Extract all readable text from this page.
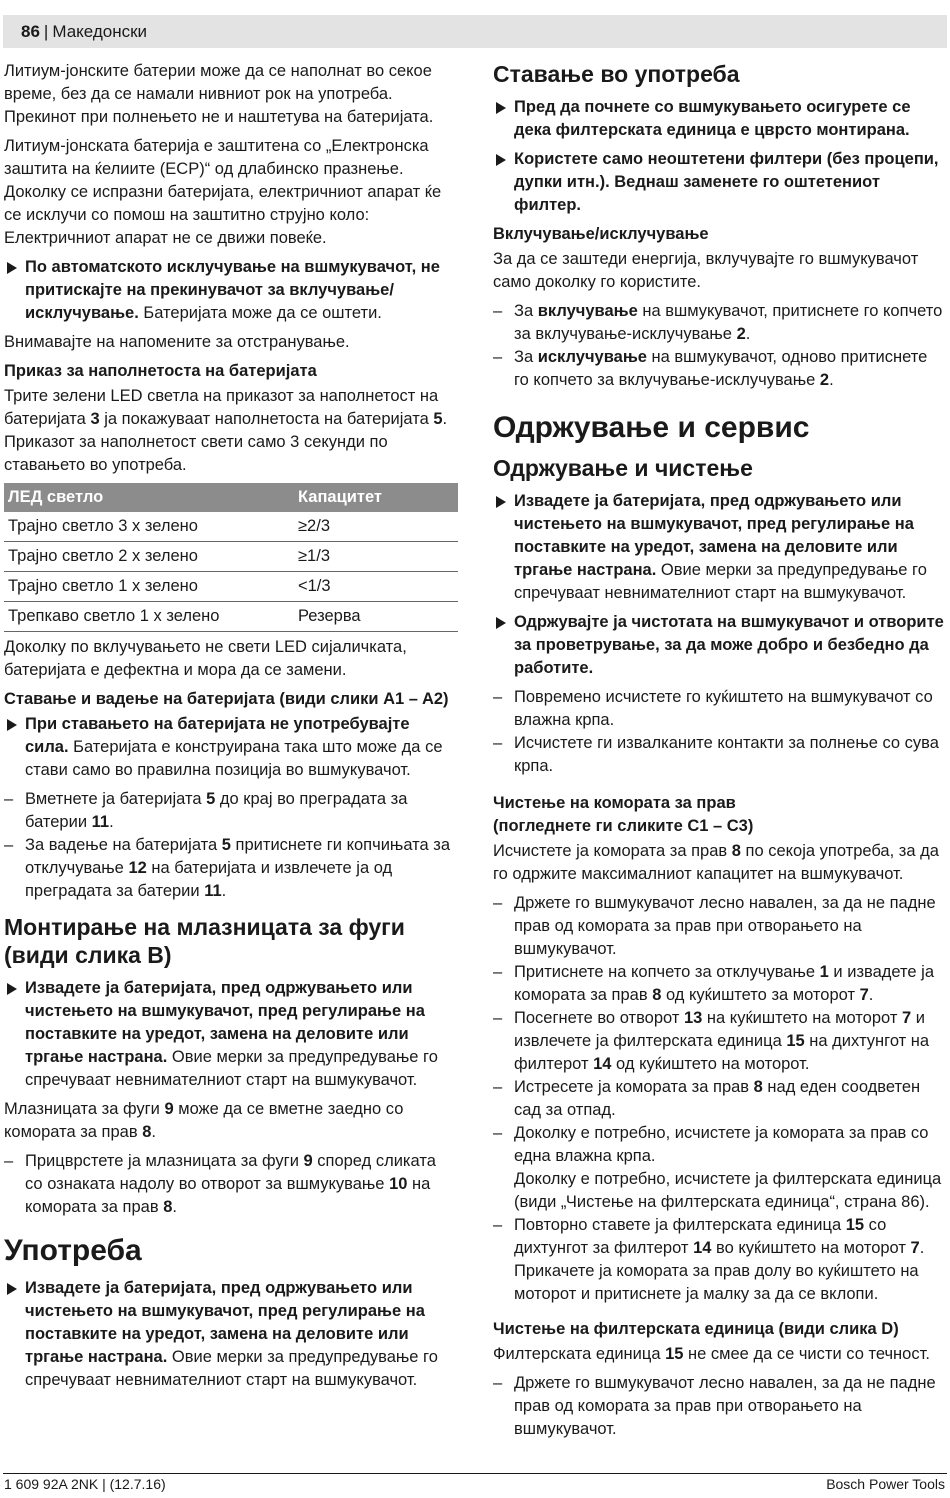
86 | Македонски

Литиум-јонските батерии може да се наполнат во секое време, без да се намали нивниот рок на употреба. Прекинот при полнењето не и наштетува на батеријата.

Литиум-јонската батерија е заштитена со „Електронска заштита на ќелиите (ECP)“ од длабинско празнење. Доколку се испразни батеријата, електричниот апарат ќе се исклучи со помош на заштитно струјно коло: Електричниот апарат не се движи повеќе.

По автоматското исклучување на вшмукувачот, не притискајте на прекинувачот за вклучување/исклучување. Батеријата може да се оштети.

Внимавајте на напомените за отстранување.

Приказ за наполнетоста на батеријата

Трите зелени LED светла на приказот за наполнетост на батеријата 3 ја покажуваат наполнетоста на батеријата 5. Приказот за наполнетост свети само 3 секунди по ставањето во употреба.

ЛЕД светло	Капацитет
Трајно светло 3 x зелено	≥2/3
Трајно светло 2 x зелено	≥1/3
Трајно светло 1 x зелено	<1/3
Трепкаво светло 1 x зелено	Резерва

Доколку по вклучувањето не свети LED сијаличката, батеријата е дефектна и мора да се замени.

Ставање и вадење на батеријата (види слики A1 – A2)
При ставањето на батеријата не употребувајте сила. Батеријата е конструирана така што може да се стави само во правилна позиција во вшмукувачот.
– Вметнете ја батеријата 5 до крај во преградата за батерии 11.
– За вадење на батеријата 5 притиснете ги копчињата за отклучување 12 на батеријата и извлечете ја од преградата за батерии 11.
Монтирање на млазницата за фуги (види слика B)
Извадете ја батеријата, пред одржувањето или чистењето на вшмукувачот, пред регулирање на поставките на уредот, замена на деловите или тргање настрана. Овие мерки за предупредување го спречуваат невнимателниот старт на вшмукувачот.

Млазницата за фуги 9 може да се вметне заедно со комората за прав 8.

– Прицврстете ја млазницата за фуги 9 според сликата со ознаката надолу во отворот за вшмукување 10 на комората за прав 8.
Употреба
Извадете ја батеријата, пред одржувањето или чистењето на вшмукувачот, пред регулирање на поставките на уредот, замена на деловите или тргање настрана. Овие мерки за предупредување го спречуваат невнимателниот старт на вшмукувачот.
Ставање во употреба
Пред да почнете со вшмукувањето осигурете се дека филтерската единица е цврсто монтирана.
Користете само неоштетени филтери (без процепи, дупки итн.). Веднаш заменете го оштетениот филтер.
Вклучување/исклучување

За да се заштеди енергија, вклучувајте го вшмукувачот само доколку го користите.

– За вклучување на вшмукувачот, притиснете го копчето за вклучување-исклучување 2.
– За исклучување на вшмукувачот, одново притиснете го копчето за вклучување-исклучување 2.
Одржување и сервис
Одржување и чистење
Извадете ја батеријата, пред одржувањето или чистењето на вшмукувачот, пред регулирање на поставките на уредот, замена на деловите или тргање настрана. Овие мерки за предупредување го спречуваат невнимателниот старт на вшмукувачот.
Одржувајте ја чистотата на вшмукувачот и отворите за проветрување, за да може добро и безбедно да работите.
– Повремено исчистете го куќиштето на вшмукувачот со влажна крпа.
– Исчистете ги извалканите контакти за полнење со сува крпа.
Чистење на комората за прав (погледнете ги сликите C1 – C3)

Исчистете ја комората за прав 8 по секоја употреба, за да го одржите максималниот капацитет на вшмукувачот.

– Држете го вшмукувачот лесно навален, за да не падне прав од комората за прав при отворањето на вшмукувачот.
– Притиснете на копчето за отклучување 1 и извадете ја комората за прав 8 од куќиштето за моторот 7.
– Посегнете во отворот 13 на куќиштето на моторот 7 и извлечете ја филтерската единица 15 на дихтунгот на филтерот 14 од куќиштето на моторот.
– Истресете ја комората за прав 8 над еден соодветен сад за отпад.
– Доколку е потребно, исчистете ја комората за прав со една влажна крпа.
Доколку е потребно, исчистете ја филтерската единица (види „Чистење на филтерската единица“, страна 86).
– Повторно ставете ја филтерската единица 15 со дихтунгот за филтерот 14 во куќиштето на моторот 7. Прикачете ја комората за прав долу во куќиштето на моторот и притиснете ја малку за да се вклопи.
Чистење на филтерската единица (види слика D)

Филтерската единица 15 не смее да се чисти со течност.

– Држете го вшмукувачот лесно навален, за да не падне прав од комората за прав при отворањето на вшмукувачот.
1 609 92A 2NK | (12.7.16)	Bosch Power Tools
